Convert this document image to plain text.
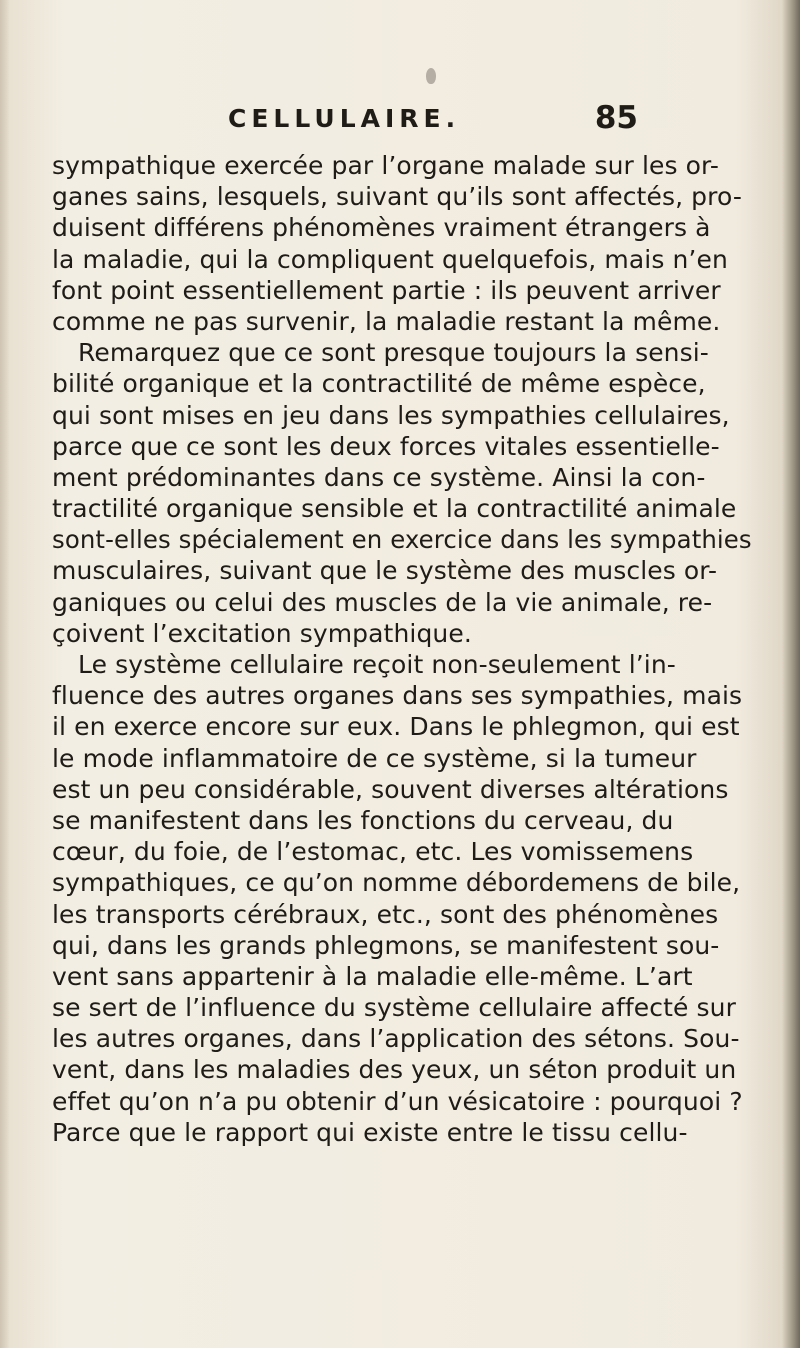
CELLULAIRE.	85
sympathique exercée par l’organe malade sur les or-
ganes sains, lesquels, suivant qu’ils sont affectés, pro-
duisent différens phénomènes vraiment étrangers à
la maladie, qui la compliquent quelquefois, mais n’en
font point essentiellement partie : ils peuvent arriver
comme ne pas survenir, la maladie restant la même.
Remarquez que ce sont presque toujours la sensi-
bilité organique et la contractilité de même espèce,
qui sont mises en jeu dans les sympathies cellulaires,
parce que ce sont les deux forces vitales essentielle-
ment prédominantes dans ce système. Ainsi la con-
tractilité organique sensible et la contractilité animale
sont-elles spécialement en exercice dans les sympathies
musculaires, suivant que le système des muscles or-
ganiques ou celui des muscles de la vie animale, re-
çoivent l’excitation sympathique.
Le système cellulaire reçoit non-seulement l’in-
fluence des autres organes dans ses sympathies, mais
il en exerce encore sur eux. Dans le phlegmon, qui est
le mode inflammatoire de ce système, si la tumeur
est un peu considérable, souvent diverses altérations
se manifestent dans les fonctions du cerveau, du
cœur, du foie, de l’estomac, etc. Les vomissemens
sympathiques, ce qu’on nomme débordemens de bile,
les transports cérébraux, etc., sont des phénomènes
qui, dans les grands phlegmons, se manifestent sou-
vent sans appartenir à la maladie elle-même. L’art
se sert de l’influence du système cellulaire affecté sur
les autres organes, dans l’application des sétons. Sou-
vent, dans les maladies des yeux, un séton produit un
effet qu’on n’a pu obtenir d’un vésicatoire : pourquoi ?
Parce que le rapport qui existe entre le tissu cellu-
